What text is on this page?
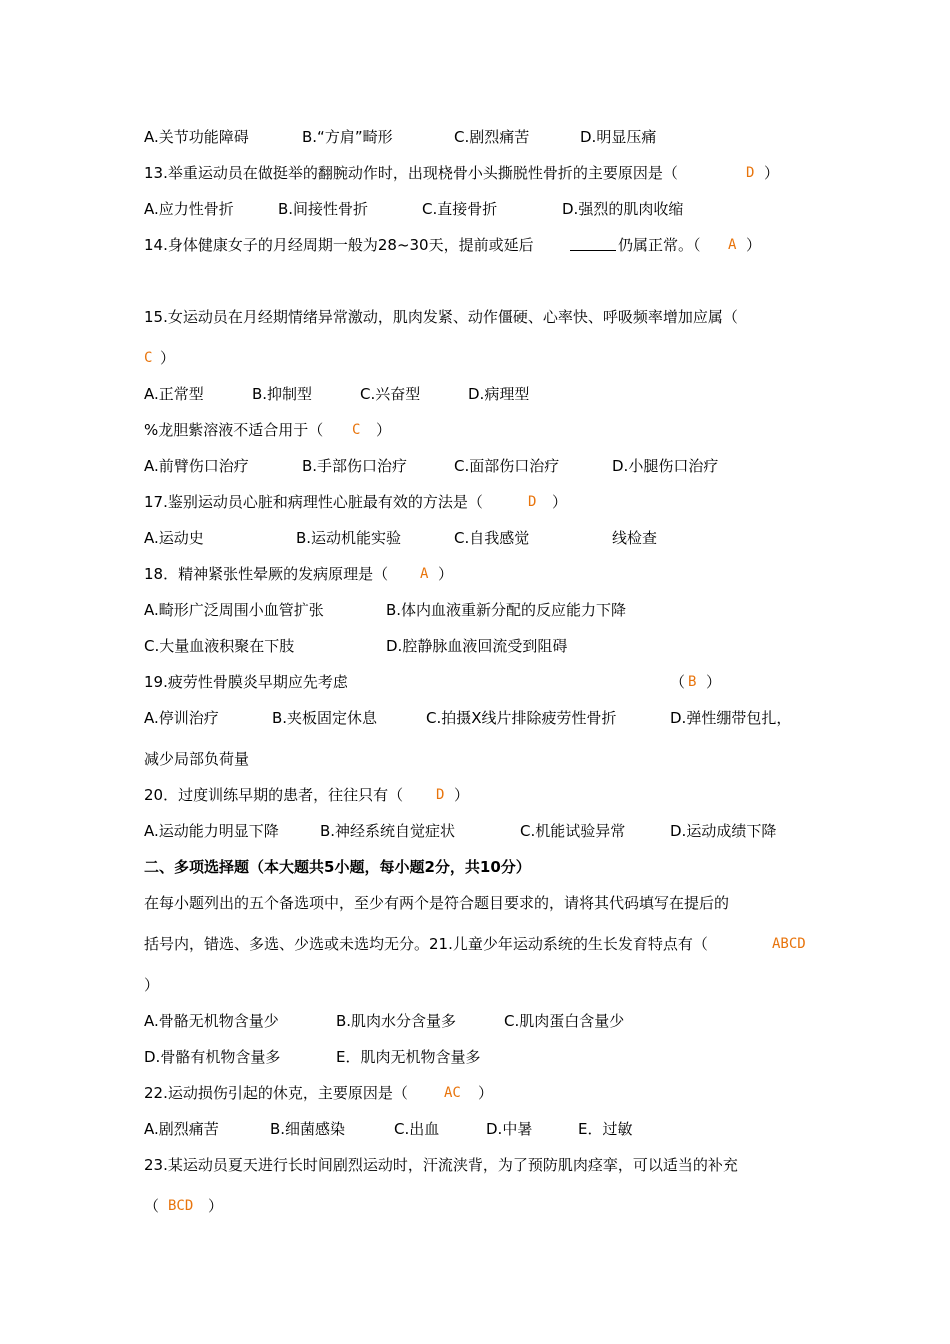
A.关节功能障碍	B.“方肩”畸形	C.剧烈痛苦	D.明显压痛
13.举重运动员在做挺举的翻腕动作时，出现桡骨小头撕脱性骨折的主要原因是（	D ）
A.应力性骨折	B.间接性骨折	C.直接骨折	D.强烈的肌肉收缩
14.身体健康女子的月经周期一般为28~30天，提前或延后	仍属正常。（ A ）
15.女运动员在月经期情绪异常激动，肌肉发紧、动作僵硬、心率快、呼吸频率增加应属（
C ）
A.正常型	B.抑制型	C.兴奋型	D.病理型
%龙胆紫溶液不适合用于（ C ）
A.前臂伤口治疗	B.手部伤口治疗	C.面部伤口治疗	D.小腿伤口治疗
17.鉴别运动员心脏和病理性心脏最有效的方法是（	D ）
A.运动史	B.运动机能实验	C.自我感觉	线检查
18．精神紧张性晕厥的发病原理是（ A ）
A.畸形广泛周围小血管扩张	B.体内血液重新分配的反应能力下降
C.大量血液积聚在下肢	D.腔静脉血液回流受到阻碍
19.疲劳性骨膜炎早期应先考虑	（ B ）
A.停训治疗	B.夹板固定休息	C.拍摄X线片排除疲劳性骨折	D.弹性绷带包扎，
减少局部负荷量
20．过度训练早期的患者，往往只有（ D ）
A.运动能力明显下降	B.神经系统自觉症状	C.机能试验异常	D.运动成绩下降
二、多项选择题（本大题共5小题，每小题2分，共10分）
在每小题列出的五个备选项中，至少有两个是符合题目要求的，请将其代码填写在提后的
括号内，错选、多选、少选或未选均无分。21.儿童少年运动系统的生长发育特点有（	ABCD
）
A.骨骼无机物含量少	B.肌肉水分含量多	C.肌肉蛋白含量少
D.骨骼有机物含量多	E．肌肉无机物含量多
22.运动损伤引起的休克，主要原因是（	AC ）
A.剧烈痛苦	B.细菌感染	C.出血	D.中暑	E．过敏
23.某运动员夏天进行长时间剧烈运动时，汗流浃背，为了预防肌肉痉挛，可以适当的补充
（ BCD ）
